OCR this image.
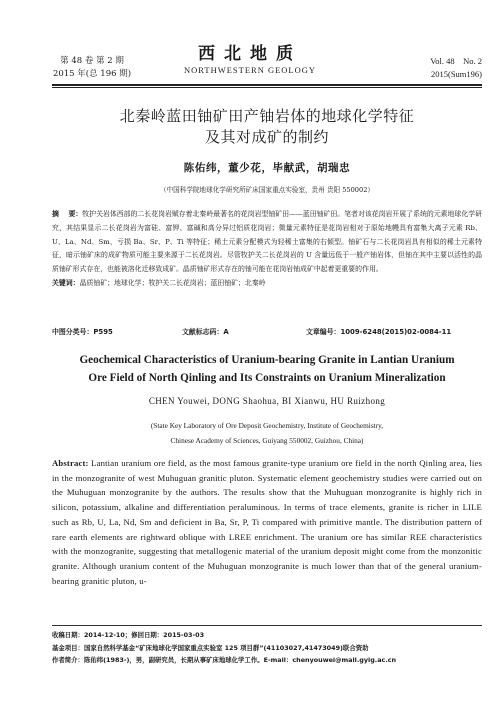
第 48 卷 第 2 期
2015 年(总 196 期)
西北地质
NORTHWESTERN GEOLOGY
Vol. 48    No. 2
2015(Sum196)
北秦岭蓝田铀矿田产铀岩体的地球化学特征
及其对成矿的制约
陈佑纬，董少花，毕献武，胡瑞忠
（中国科学院地球化学研究所矿床国家重点实验室，贵州 贵阳 550002）
摘    要：牧护关岩体西部的二长花岗岩赋存着北秦岭最著名的花岗岩型铀矿田——蓝田铀矿田。笔者对该花岗岩开展了系统的元素地球化学研究，其结果显示二长花岗岩为富硅、富钾、富碱和高分异过铝质花岗岩；微量元素特征是花岗岩相对于原始地幔具有富集大离子元素 Rb、U、La、Nd、Sm，亏损 Ba、Sr、P、Ti 等特征；稀土元素分配模式为轻稀土富集的右倾型。铀矿石与二长花岗岩具有相似的稀土元素特征，暗示铀矿床的成矿物质可能主要来源于二长花岗岩。尽管牧护关二长花岗岩的 U 含量远低于一般产铀岩体，但铀在其中主要以活性的晶质铀矿形式存在，也能被溶化迁移致成矿。晶质铀矿形式存在的铀可能在花岗岩铀成矿中起着更重要的作用。
关键词：晶质铀矿；地球化学；牧护关二长花岗岩；蓝田铀矿；北秦岭
中图分类号：P595	文献标志码：A	文章编号：1009-6248(2015)02-0084-11
Geochemical Characteristics of Uranium-bearing Granite in Lantian Uranium
Ore Field of North Qinling and Its Constraints on Uranium Mineralization
CHEN Youwei, DONG Shaohua, BI Xianwu, HU Ruizhong
(State Key Laboratory of Ore Deposit Geochemistry, Institute of Geochemistry,
Chinese Academy of Sciences, Guiyang 550002, Guizhou, China)
Abstract: Lantian uranium ore field, as the most famous granite-type uranium ore field in the north Qinling area, lies in the monzogranite of west Muhuguan granitic pluton. Systematic element geochemistry studies were carried out on the Muhuguan monzogranite by the authors. The results show that the Muhuguan monzogranite is highly rich in silicon, potassium, alkaline and differentiation peraluminous. In terms of trace elements, granite is richer in LILE such as Rb, U, La, Nd, Sm and deficient in Ba, Sr, P, Ti compared with primitive mantle. The distribution pattern of rare earth elements are rightward oblique with LREE enrichment. The uranium ore has similar REE characteristics with the monzogranite, suggesting that metallogenic material of the uranium deposit might come from the monzonitic granite. Although uranium content of the Muhuguan monzogranite is much lower than that of the general uranium-bearing granitic pluton, u-
收稿日期：2014-12-10；修回日期：2015-03-03
基金项目：国家自然科学基金“矿床地球化学国家重点实验室 125 项目群”(41103027,41473049)联合资助
作者简介：陈佑纬(1983-)，男，副研究员，长期从事矿床地球化学工作。E-mail：chenyouwei@mail.gyig.ac.cn
